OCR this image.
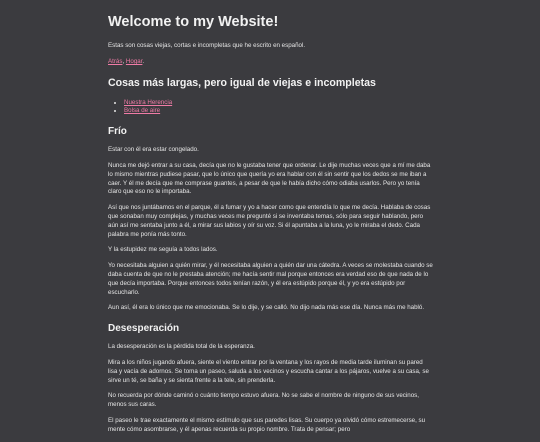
Welcome to my Website!

Estas son cosas viejas, cortas e incompletas que he escrito en español.

Atrás, Hogar.

Cosas más largas, pero igual de viejas e incompletas
• Nuestra Herencia
• Bolsa de aire
Frío

Estar con él era estar congelado.

Nunca me dejó entrar a su casa, decía que no le gustaba tener que ordenar. Le dije muchas veces que a mí me daba lo mismo mientras pudiese pasar, que lo único que quería yo era hablar con él sin sentir que los dedos se me iban a caer. Y él me decía que me comprase guantes, a pesar de que le había dicho cómo odiaba usarlos. Pero yo tenía claro que eso no le importaba.

Así que nos juntábamos en el parque, él a fumar y yo a hacer como que entendía lo que me decía. Hablaba de cosas que sonaban muy complejas, y muchas veces me pregunté si se inventaba temas, sólo para seguir hablando, pero aún así me sentaba junto a él, a mirar sus labios y oír su voz. Si él apuntaba a la luna, yo le miraba el dedo. Cada palabra me ponía más tonto.

Y la estupidez me seguía a todos lados.

Yo necesitaba alguien a quién mirar, y él necesitaba alguien a quién dar una cátedra. A veces se molestaba cuando se daba cuenta de que no le prestaba atención; me hacía sentir mal porque entonces era verdad eso de que nada de lo que decía importaba. Porque entonces todos tenían razón, y él era estúpido porque él, y yo era estúpido por escucharlo.

Aun así, él era lo único que me emocionaba. Se lo dije, y se calló. No dijo nada más ese día. Nunca más me habló.

Desesperación

La desesperación es la pérdida total de la esperanza.

Mira a los niños jugando afuera, siente el viento entrar por la ventana y los rayos de media tarde iluminan su pared lisa y vacía de adornos. Se toma un paseo, saluda a los vecinos y escucha cantar a los pájaros, vuelve a su casa, se sirve un té, se baña y se sienta frente a la tele, sin prenderla.

No recuerda por dónde caminó o cuánto tiempo estuvo afuera. No se sabe el nombre de ninguno de sus vecinos, menos sus caras.

El paseo le trae exactamente el mismo estímulo que sus paredes lisas. Su cuerpo ya olvidó cómo estremecerse, su mente cómo asombrarse, y él apenas recuerda su propio nombre. Trata de pensar; pero
